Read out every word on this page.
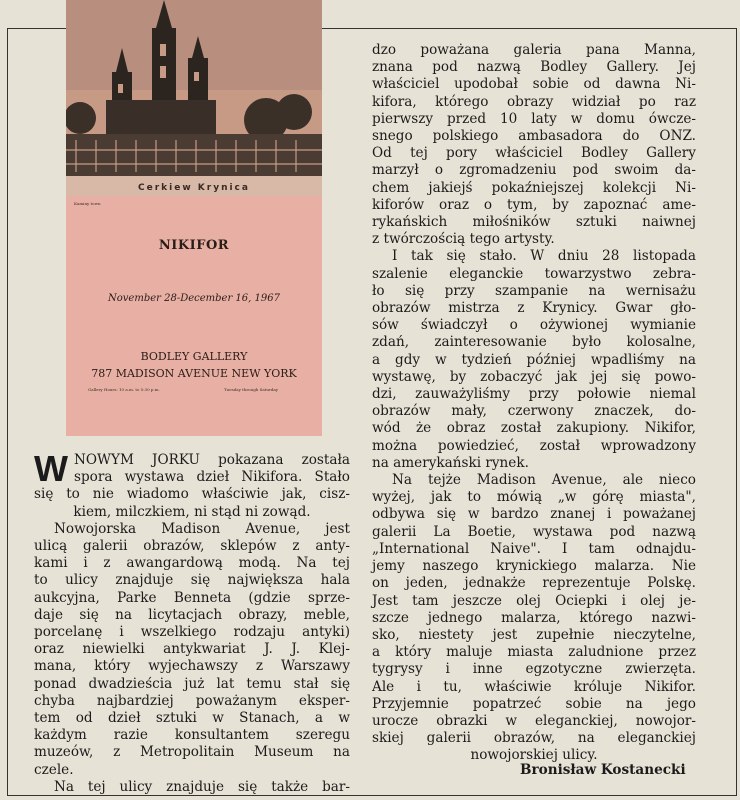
Cerkiew Krynica
Kaminy town
NIKIFOR
November 28-December 16, 1967
BODLEY GALLERY
787 MADISON AVENUE NEW YORK
Gallery Hours: 10 a.m. to 5:30 p.m.	Tuesday through Saturday
W NOWYM JORKU pokazana została
spora wystawa dzieł Nikifora. Stało
się to nie wiadomo właściwie jak, cisz-
kiem, milczkiem, ni stąd ni zowąd.
Nowojorska Madison Avenue, jest
ulicą galerii obrazów, sklepów z anty-
kami i z awangardową modą. Na tej
to ulicy znajduje się największa hala
aukcyjna, Parke Benneta (gdzie sprze-
daje się na licytacjach obrazy, meble,
porcelanę i wszelkiego rodzaju antyki)
oraz niewielki antykwariat J. J. Klej-
mana, który wyjechawszy z Warszawy
ponad dwadzieścia już lat temu stał się
chyba najbardziej poważanym eksper-
tem od dzieł sztuki w Stanach, a w
każdym razie konsultantem szeregu
muzeów, z Metropolitain Museum na
czele.
Na tej ulicy znajduje się także bar-
dzo poważana galeria pana Manna,
znana pod nazwą Bodley Gallery. Jej
właściciel upodobał sobie od dawna Ni-
kifora, którego obrazy widział po raz
pierwszy przed 10 laty w domu ówcze-
snego polskiego ambasadora do ONZ.
Od tej pory właściciel Bodley Gallery
marzył o zgromadzeniu pod swoim da-
chem jakiejś pokaźniejszej kolekcji Ni-
kiforów oraz o tym, by zapoznać ame-
rykańskich miłośników sztuki naiwnej
z twórczością tego artysty.
I tak się stało. W dniu 28 listopada
szalenie eleganckie towarzystwo zebra-
ło się przy szampanie na wernisażu
obrazów mistrza z Krynicy. Gwar gło-
sów świadczył o ożywionej wymianie
zdań, zainteresowanie było kolosalne,
a gdy w tydzień później wpadliśmy na
wystawę, by zobaczyć jak jej się powo-
dzi, zauważyliśmy przy połowie niemal
obrazów mały, czerwony znaczek, do-
wód że obraz został zakupiony. Nikifor,
można powiedzieć, został wprowadzony
na amerykański rynek.
Na tejże Madison Avenue, ale nieco
wyżej, jak to mówią „w górę miasta",
odbywa się w bardzo znanej i poważanej
galerii La Boetie, wystawa pod nazwą
„International Naive". I tam odnajdu-
jemy naszego krynickiego malarza. Nie
on jeden, jednakże reprezentuje Polskę.
Jest tam jeszcze olej Ociepki i olej je-
szcze jednego malarza, którego nazwi-
sko, niestety jest zupełnie nieczytelne,
a który maluje miasta zaludnione przez
tygrysy i inne egzotyczne zwierzęta.
Ale i tu, właściwie króluje Nikifor.
Przyjemnie popatrzeć sobie na jego
urocze obrazki w eleganckiej, nowojor-
skiej galerii obrazów, na eleganckiej
nowojorskiej ulicy.
Bronisław Kostanecki
